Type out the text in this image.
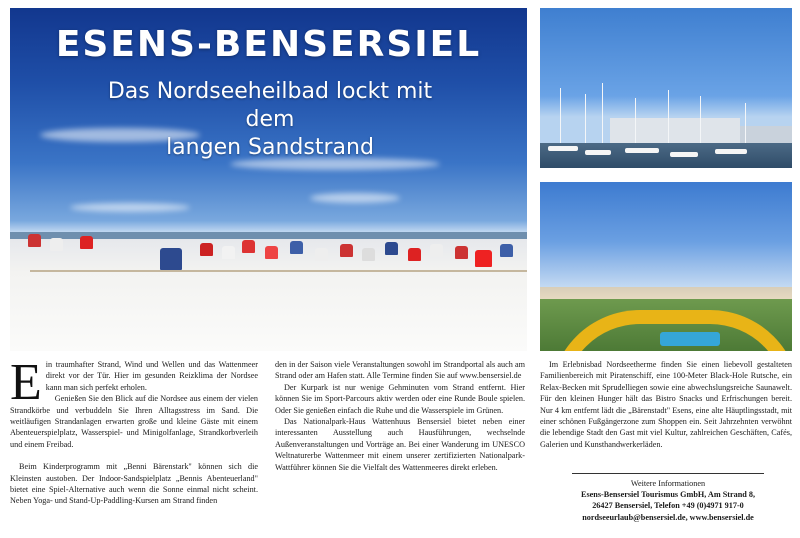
ESENS-BENSERSIEL
Das Nordseeheilbad lockt mit dem
langen Sandstrand

Ein traumhafter Strand, Wind und Wellen und das Wattenmeer direkt vor der Tür. Hier im gesunden Reizklima der Nordsee kann man sich perfekt erholen.

Genießen Sie den Blick auf die Nordsee aus einem der vielen Strandkörbe und verbuddeln Sie Ihren Alltagsstress im Sand. Die weitläufigen Strandanlagen erwarten große und kleine Gäste mit einem Abenteuerspielplatz, Wasserspiel- und Minigolfanlage, Strandkorbverleih und einem Freibad.

Beim Kinderprogramm mit „Benni Bärenstark" können sich die Kleinsten austoben. Der Indoor-Sandspielplatz „Bennis Abenteuerland" bietet eine Spiel-Alternative auch wenn die Sonne einmal nicht scheint. Neben Yoga- und Stand-Up-Paddling-Kursen am Strand finden

den in der Saison viele Veranstaltungen sowohl im Strandportal als auch am Strand oder am Hafen statt. Alle Termine finden Sie auf www.bensersiel.de

Der Kurpark ist nur wenige Gehminuten vom Strand entfernt. Hier können Sie im Sport-Parcours aktiv werden oder eine Runde Boule spielen. Oder Sie genießen einfach die Ruhe und die Wasserspiele im Grünen.

Das Nationalpark-Haus Wattenhuus Bensersiel bietet neben einer interessanten Ausstellung auch Hausführungen, wechselnde Außenveranstaltungen und Vorträge an. Bei einer Wanderung im UNESCO Weltnaturerbe Wattenmeer mit einem unserer zertifizierten Nationalpark-Wattführer können Sie die Vielfalt des Wattenmeeres direkt erleben.

Im Erlebnisbad Nordseetherme finden Sie einen liebevoll gestalteten Familienbereich mit Piratenschiff, eine 100-Meter Black-Hole Rutsche, ein Relax-Becken mit Sprudelliegen sowie eine abwechslungsreiche Saunawelt. Für den kleinen Hunger hält das Bistro Snacks und Erfrischungen bereit. Nur 4 km entfernt lädt die „Bärenstadt" Esens, eine alte Häuptlingsstadt, mit einer schönen Fußgängerzone zum Shoppen ein. Seit Jahrzehnten verwöhnt die lebendige Stadt den Gast mit viel Kultur, zahlreichen Geschäften, Cafés, Galerien und Kunsthandwerkerläden.

Weitere Informationen
Esens-Bensersiel Tourismus GmbH, Am Strand 8,
26427 Bensersiel, Telefon +49 (0)4971 917-0
nordseeurlaub@bensersiel.de, www.bensersiel.de
